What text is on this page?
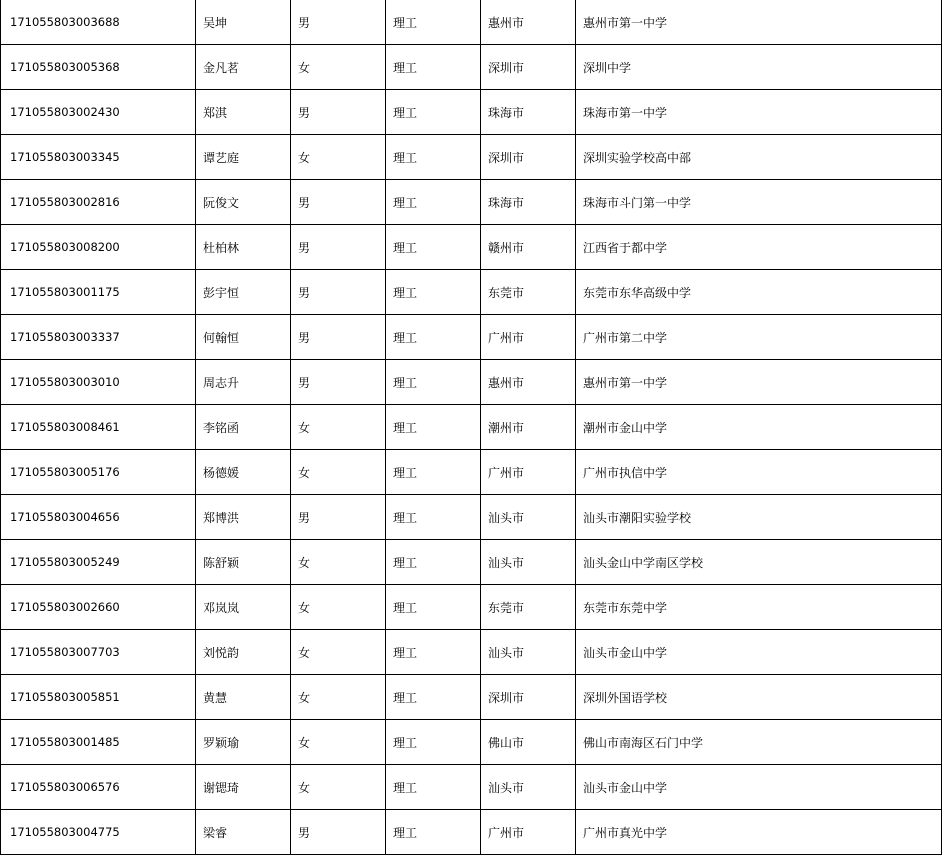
171055803003688	吴坤	男	理工	惠州市	惠州市第一中学
171055803005368	金凡茗	女	理工	深圳市	深圳中学
171055803002430	郑淇	男	理工	珠海市	珠海市第一中学
171055803003345	谭艺庭	女	理工	深圳市	深圳实验学校高中部
171055803002816	阮俊文	男	理工	珠海市	珠海市斗门第一中学
171055803008200	杜柏林	男	理工	赣州市	江西省于都中学
171055803001175	彭宇恒	男	理工	东莞市	东莞市东华高级中学
171055803003337	何翰恒	男	理工	广州市	广州市第二中学
171055803003010	周志升	男	理工	惠州市	惠州市第一中学
171055803008461	李铭函	女	理工	潮州市	潮州市金山中学
171055803005176	杨德媛	女	理工	广州市	广州市执信中学
171055803004656	郑博洪	男	理工	汕头市	汕头市潮阳实验学校
171055803005249	陈舒颖	女	理工	汕头市	汕头金山中学南区学校
171055803002660	邓岚岚	女	理工	东莞市	东莞市东莞中学
171055803007703	刘悦韵	女	理工	汕头市	汕头市金山中学
171055803005851	黄慧	女	理工	深圳市	深圳外国语学校
171055803001485	罗颖瑜	女	理工	佛山市	佛山市南海区石门中学
171055803006576	谢锶琦	女	理工	汕头市	汕头市金山中学
171055803004775	梁睿	男	理工	广州市	广州市真光中学
